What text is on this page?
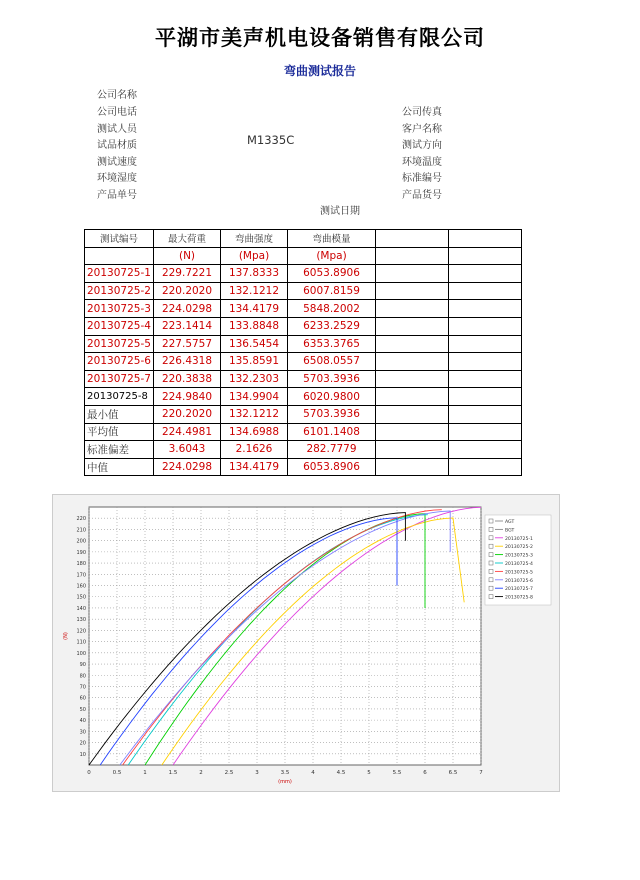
平湖市美声机电设备销售有限公司
弯曲测试报告
公司名称
公司电话
测试人员
试品材质	M1335C
测试速度
环境湿度
产品单号
公司传真
客户名称
测试方向
环境温度
标准编号
产品货号
测试日期
测试编号	最大荷重	弯曲强度	弯曲模量		
	(N)	(Mpa)	(Mpa)		
20130725-1	229.7221	137.8333	6053.8906		
20130725-2	220.2020	132.1212	6007.8159		
20130725-3	224.0298	134.4179	5848.2002		
20130725-4	223.1414	133.8848	6233.2529		
20130725-5	227.5757	136.5454	6353.3765		
20130725-6	226.4318	135.8591	6508.0557		
20130725-7	220.3838	132.2303	5703.3936		
20130725-8	224.9840	134.9904	6020.9800		
最小值	220.2020	132.1212	5703.3936		
平均值	224.4981	134.6988	6101.1408		
标准偏差	3.6043	2.1626	282.7779		
中值	224.0298	134.4179	6053.8906		
0	0.5	1	1.5	2	2.5	3	3.5	4	4.5	5	5.5	6	6.5	7
10
20
30
40
50
60
70
80
90
100
110
120
130
140
150
160
170
180
190
200
210
220
(mm)
(N)
AGT
BGT
20130725-1
20130725-2
20130725-3
20130725-4
20130725-5
20130725-6
20130725-7
20130725-8
